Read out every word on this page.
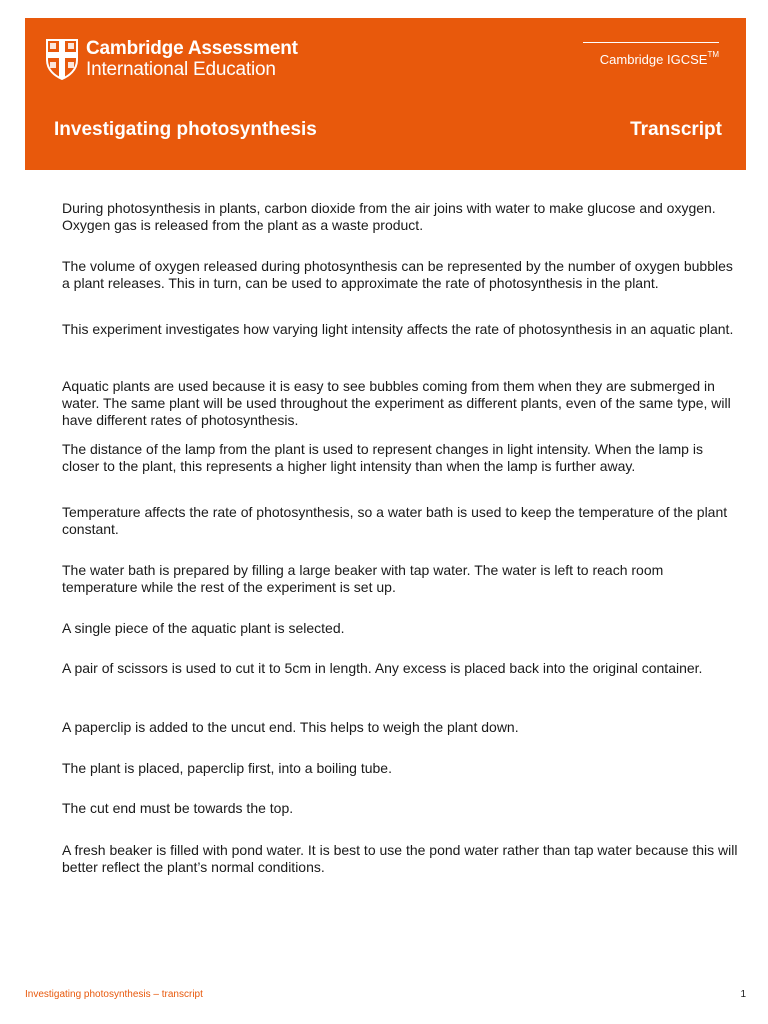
Cambridge Assessment
International Education	Cambridge IGCSE™
Investigating photosynthesis	Transcript

During photosynthesis in plants, carbon dioxide from the air joins with water to make glucose and oxygen. Oxygen gas is released from the plant as a waste product.

The volume of oxygen released during photosynthesis can be represented by the number of oxygen bubbles a plant releases. This in turn, can be used to approximate the rate of photosynthesis in the plant.

This experiment investigates how varying light intensity affects the rate of photosynthesis in an aquatic plant.

Aquatic plants are used because it is easy to see bubbles coming from them when they are submerged in water. The same plant will be used throughout the experiment as different plants, even of the same type, will have different rates of photosynthesis.

The distance of the lamp from the plant is used to represent changes in light intensity. When the lamp is closer to the plant, this represents a higher light intensity than when the lamp is further away.

Temperature affects the rate of photosynthesis, so a water bath is used to keep the temperature of the plant constant.

The water bath is prepared by filling a large beaker with tap water. The water is left to reach room temperature while the rest of the experiment is set up.

A single piece of the aquatic plant is selected.

A pair of scissors is used to cut it to 5cm in length. Any excess is placed back into the original container.

A paperclip is added to the uncut end. This helps to weigh the plant down.

The plant is placed, paperclip first, into a boiling tube.

The cut end must be towards the top.

A fresh beaker is filled with pond water. It is best to use the pond water rather than tap water because this will better reflect the plant’s normal conditions.

Investigating photosynthesis – transcript	1
